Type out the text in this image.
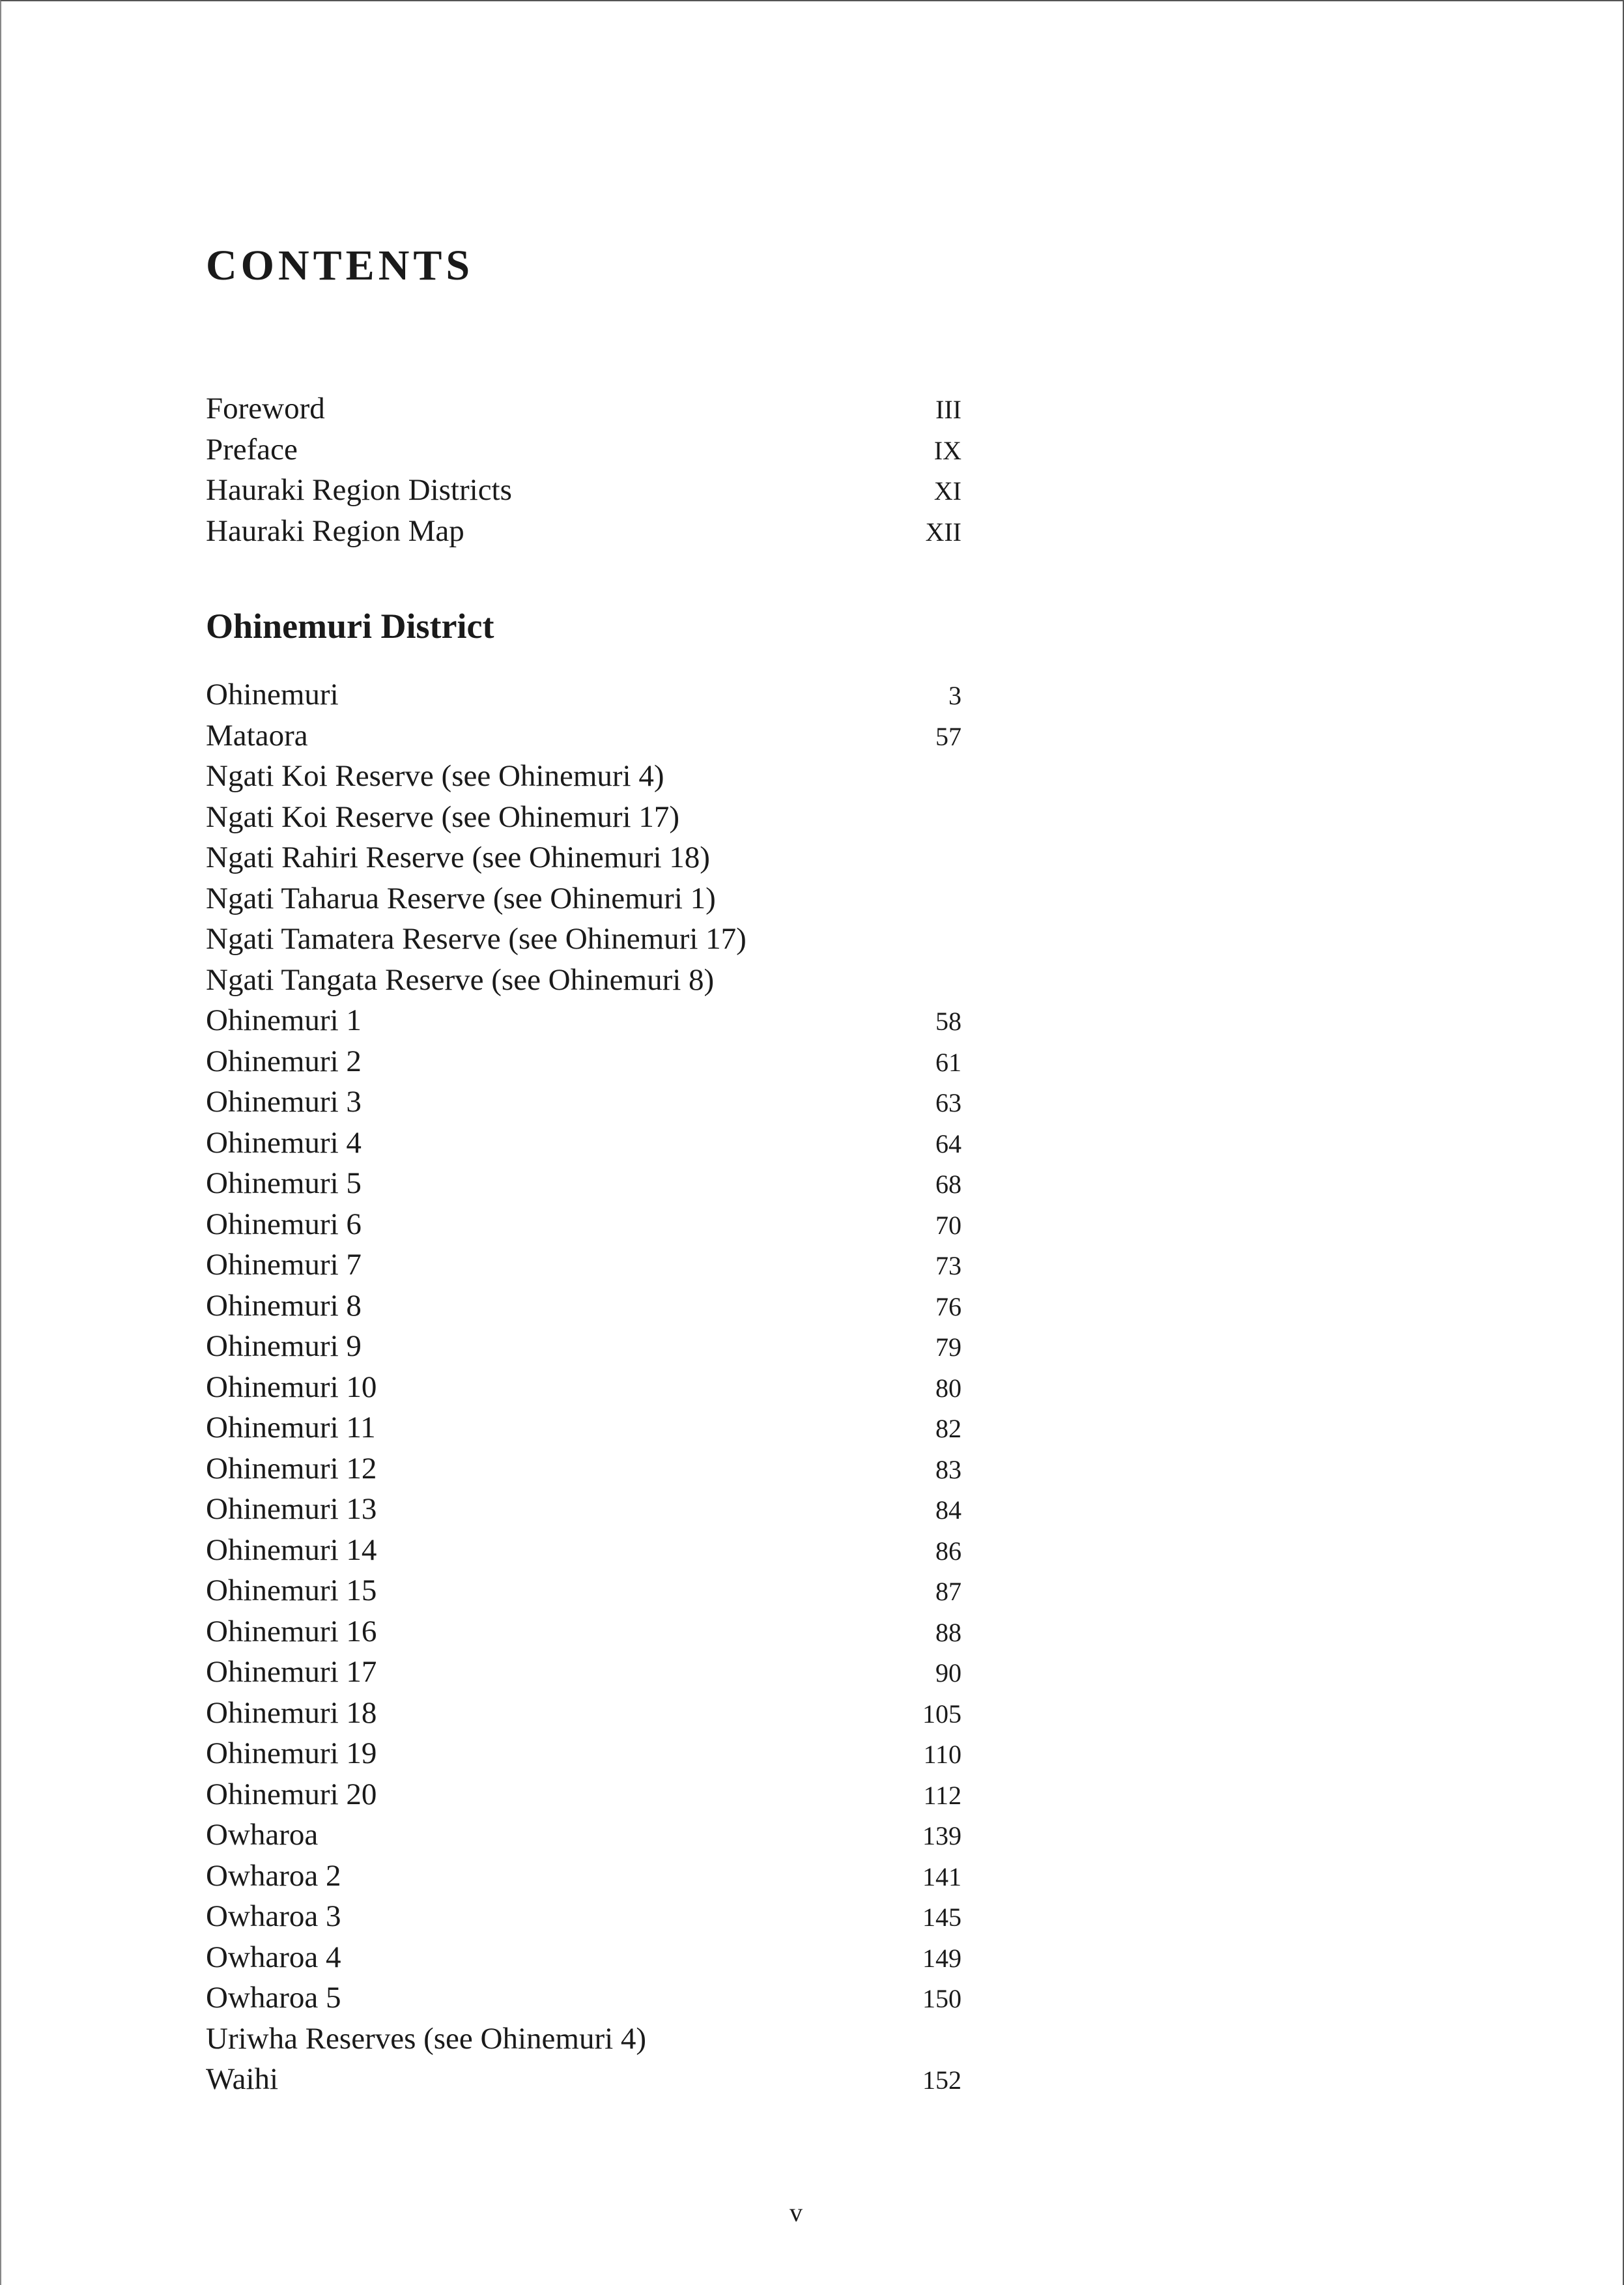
CONTENTS
Foreword	III
Preface	IX
Hauraki Region Districts	XI
Hauraki Region Map	XII
Ohinemuri District
Ohinemuri	3
Mataora	57
Ngati Koi Reserve (see Ohinemuri 4)
Ngati Koi Reserve (see Ohinemuri 17)
Ngati Rahiri Reserve (see Ohinemuri 18)
Ngati Taharua Reserve (see Ohinemuri 1)
Ngati Tamatera Reserve (see Ohinemuri 17)
Ngati Tangata Reserve (see Ohinemuri 8)
Ohinemuri 1	58
Ohinemuri 2	61
Ohinemuri 3	63
Ohinemuri 4	64
Ohinemuri 5	68
Ohinemuri 6	70
Ohinemuri 7	73
Ohinemuri 8	76
Ohinemuri 9	79
Ohinemuri 10	80
Ohinemuri 11	82
Ohinemuri 12	83
Ohinemuri 13	84
Ohinemuri 14	86
Ohinemuri 15	87
Ohinemuri 16	88
Ohinemuri 17	90
Ohinemuri 18	105
Ohinemuri 19	110
Ohinemuri 20	112
Owharoa	139
Owharoa 2	141
Owharoa 3	145
Owharoa 4	149
Owharoa 5	150
Uriwha Reserves (see Ohinemuri 4)
Waihi	152
v
